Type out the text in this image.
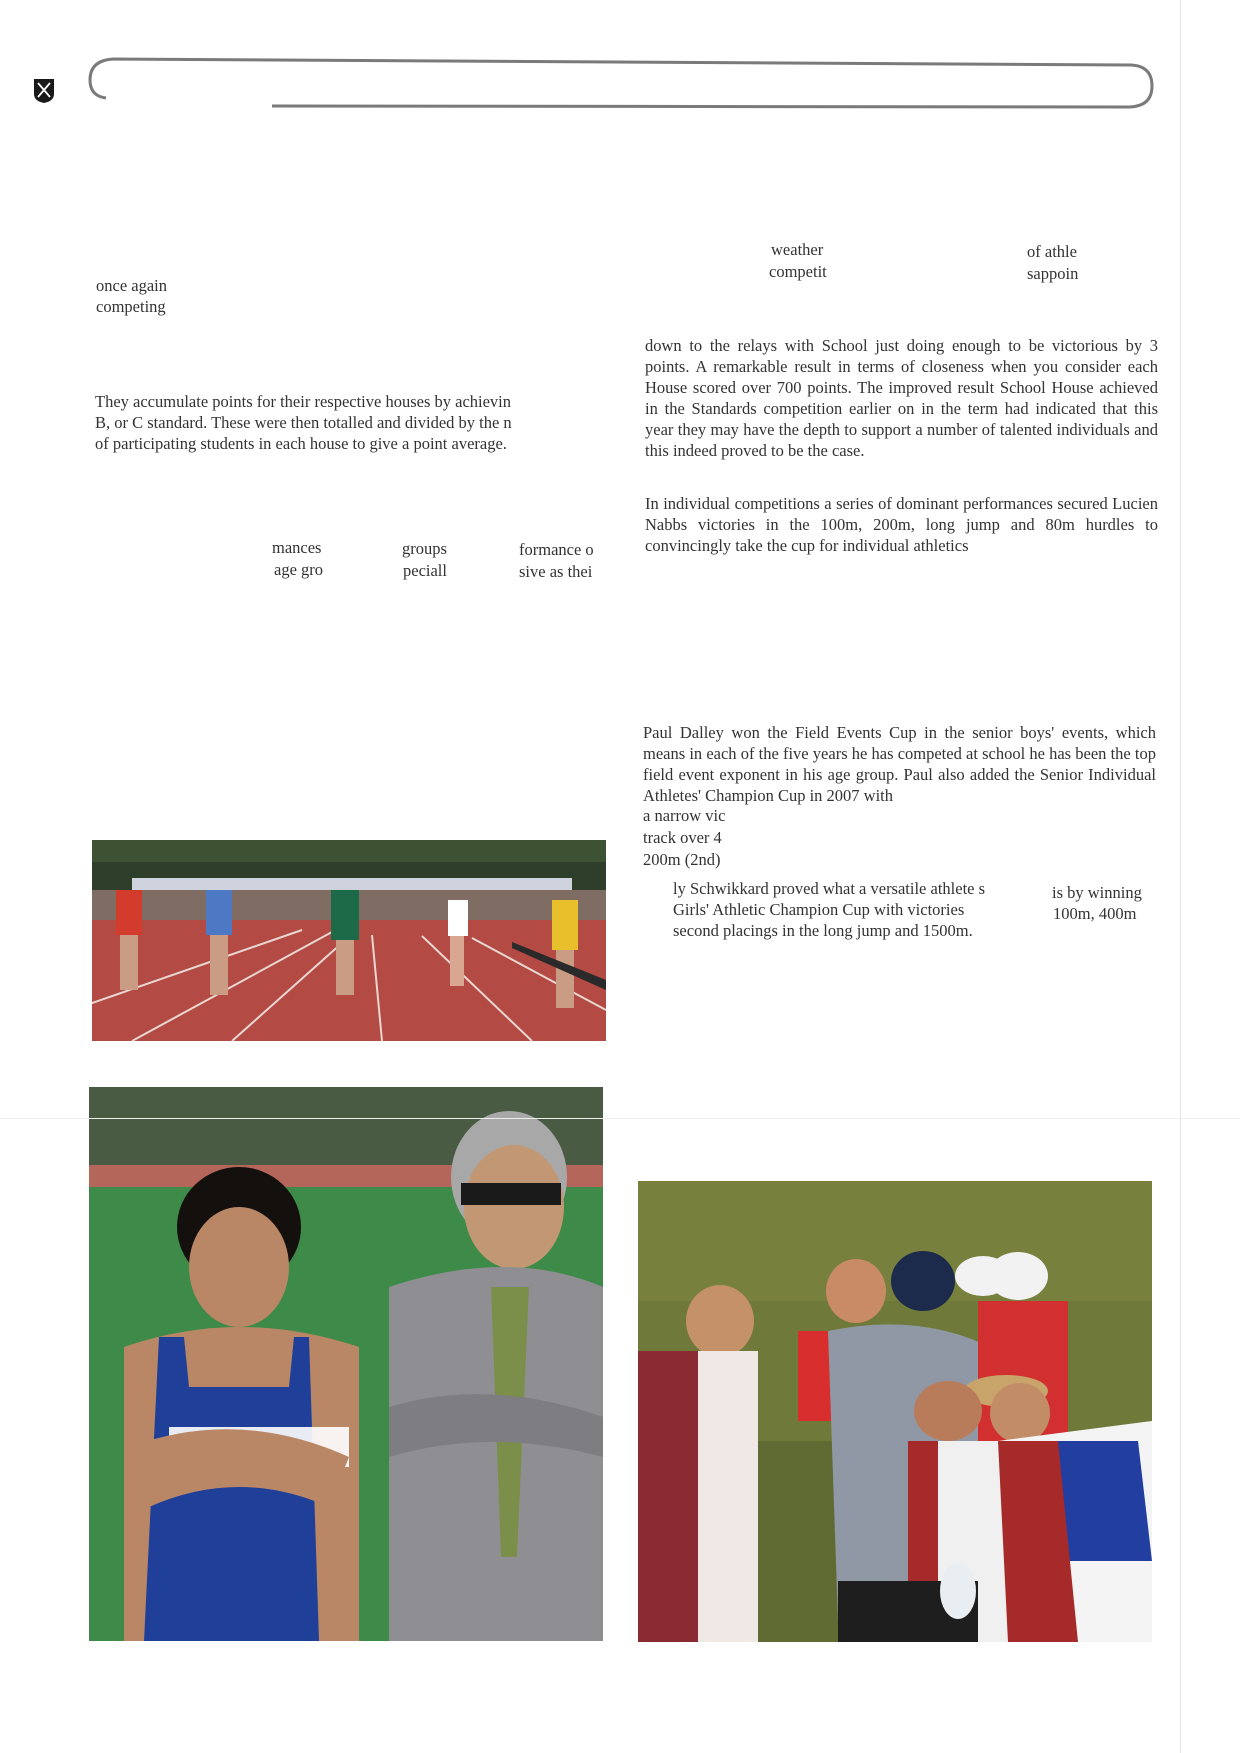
once again
competing
They accumulate points for their respective houses by achievin
B, or C standard. These were then totalled and divided by the n
of participating students in each house to give a point average.
mances
age gro
groups
peciall
formance o
sive as thei
weather
competit
of athle
sappoin
down to the relays with School just doing enough to be victorious by 3 points. A remarkable result in terms of closeness when you consider each House scored over 700 points. The improved result School House achieved in the Standards competition earlier on in the term had indicated that this year they may have the depth to support a number of talented individuals and this indeed proved to be the case.
In individual competitions a series of dominant performances secured Lucien Nabbs victories in the 100m, 200m, long jump and 80m hurdles to convincingly take the cup for individual athletics
Paul Dalley won the Field Events Cup in the senior boys' events, which means in each of the five years he has competed at school he has been the top field event exponent in his age group. Paul also added the Senior Individual Athletes' Champion Cup in 2007 with
a narrow vic
track over 4
200m (2nd)
ly Schwikkard proved what a versatile athlete s
Girls' Athletic Champion Cup with victories
second placings in the long jump and 1500m.
is by winning
100m, 400m
